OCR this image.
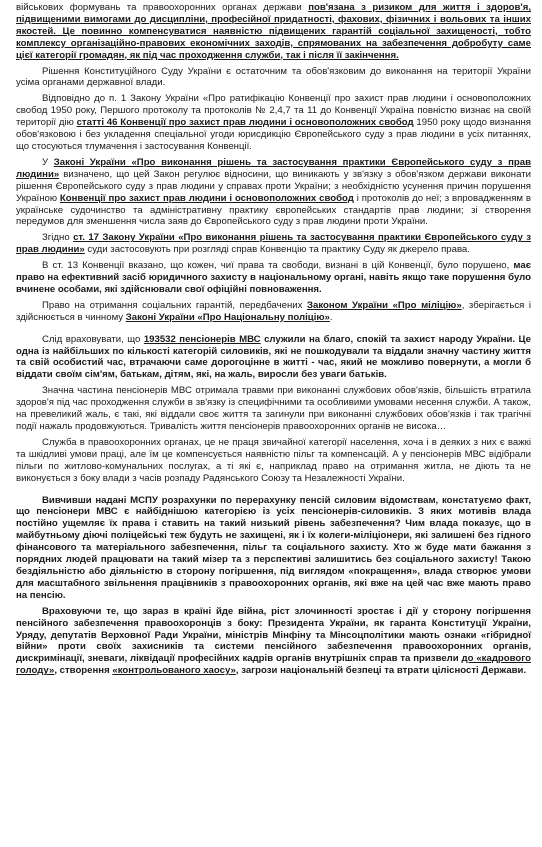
військових формувань та правоохоронних органах держави пов'язана з ризиком для життя і здоров'я, підвищеними вимогами до дисципліни, професійної придатності, фахових, фізичних і вольових та інших якостей. Це повинно компенсуватися наявністю підвищених гарантій соціальної захищеності, тобто комплексу організаційно-правових економічних заходів, спрямованих на забезпечення добробуту саме цієї категорії громадян, як під час проходження служби, так і після її закінчення.

Рішення Конституційного Суду України є остаточним та обов'язковим до виконання на території України усіма органами державної влади.

Відповідно до п. 1 Закону України «Про ратифікацію Конвенції про захист прав людини і основоположних свобод 1950 року, Першого протоколу та протоколів № 2,4,7 та 11 до Конвенції Україна повністю визнає на своїй території дію статті 46 Конвенції про захист прав людини і основоположних свобод 1950 року щодо визнання обов'язковою і без укладення спеціальної угоди юрисдикцію Європейського суду з прав людини в усіх питаннях, що стосуються тлумачення і застосування Конвенції.

У Законі України «Про виконання рішень та застосування практики Європейського суду з прав людини» визначено, що цей Закон регулює відносини, що виникають у зв'язку з обов'язком держави виконати рішення Європейського суду з прав людини у справах проти України; з необхідністю усунення причин порушення Україною Конвенції про захист прав людини і основоположних свобод і протоколів до неї; з впровадженням в українське судочинство та адміністративну практику європейських стандартів прав людини; зі створення передумов для зменшення числа заяв до Європейського суду з прав людини проти України.

Згідно ст. 17 Закону України «Про виконання рішень та застосування практики Європейського суду з прав людини» суди застосовують при розгляді справ Конвенцію та практику Суду як джерело права.

В ст. 13 Конвенції вказано, що кожен, чиї права та свободи, визнані в цій Конвенції, було порушено, має право на ефективний засіб юридичного захисту в національному органі, навіть якщо таке порушення було вчинене особами, які здійснювали свої офіційні повноваження.

Право на отримання соціальних гарантій, передбачених Законом України «Про міліцію», зберігається і здійснюється в чинному Законі України «Про Національну поліцію».

Слід враховувати, що 193532 пенсіонерів МВС служили на благо, спокій та захист народу України. Це одна із найбільших по кількості категорій силовиків, які не пошкодували та віддали значну частину життя та свій особистий час, втрачаючи саме дорогоцінне в житті - час, який не можливо повернути, а могли б віддати своїм сім'ям, батькам, дітям, які, на жаль, виросли без уваги батьків.

Значна частина пенсіонерів МВС отримала травми при виконанні службових обов'язків, більшість втратила здоров'я під час проходження служби в зв'язку із специфічними та особливими умовами несення служби. А також, на превеликий жаль, є такі, які віддали своє життя та загинули при виконанні службових обов'язків і так трагічні події нажаль продовжуються. Тривалість життя пенсіонерів правоохоронних органів не висока…

Служба в правоохоронних органах, це не праця звичайної категорії населення, хоча і в деяких з них є важкі та шкідливі умови праці, але їм це компенсується наявністю пільг та компенсацій. А у пенсіонерів МВС відібрали пільги по житлово-комунальних послугах, а ті які є, наприклад право на отримання житла, не діють та не виконується з боку влади з часів розпаду Радянського Союзу та Незалежності України.

Вивчивши надані МСПУ розрахунки по перерахунку пенсій силовим відомствам, констатуємо факт, що пенсіонери МВС є найбіднішою категорією із усіх пенсіонерів-силовиків. З яких мотивів влада постійно ущемляє їх права і ставить на такий низький рівень забезпечення? Чим влада показує, що в майбутньому діючі поліцейські теж будуть не захищені, як і їх колеги-міліціонери, які залишені без гідного фінансового та матеріального забезпечення, пільг та соціального захисту. Хто ж буде мати бажання з порядних людей працювати на такий мізер та з перспективі залишитись без соціального захисту! Такою бездіяльністю або діяльністю в сторону погіршення, під виглядом «покращення», влада створює умови для масштабного звільнення працівників з правоохоронних органів, які вже на цей час вже мають право на пенсію.

Враховуючи те, що зараз в країні йде війна, ріст злочинності зростає і дії у сторону погіршення пенсійного забезпечення правоохоронців з боку: Президента України, як гаранта Конституції України, Уряду, депутатів Верховної Ради України, міністрів Мінфіну та Мінсоцполітики мають ознаки «гібридної війни» проти своїх захисників та системи пенсійного забезпечення правоохоронних органів, дискримінації, зневаги, ліквідації професійних кадрів органів внутрішніх справ та призвели до «кадрового голоду», створення «контрольованого хаосу», загрози національній безпеці та втрати цілісності Держави.
